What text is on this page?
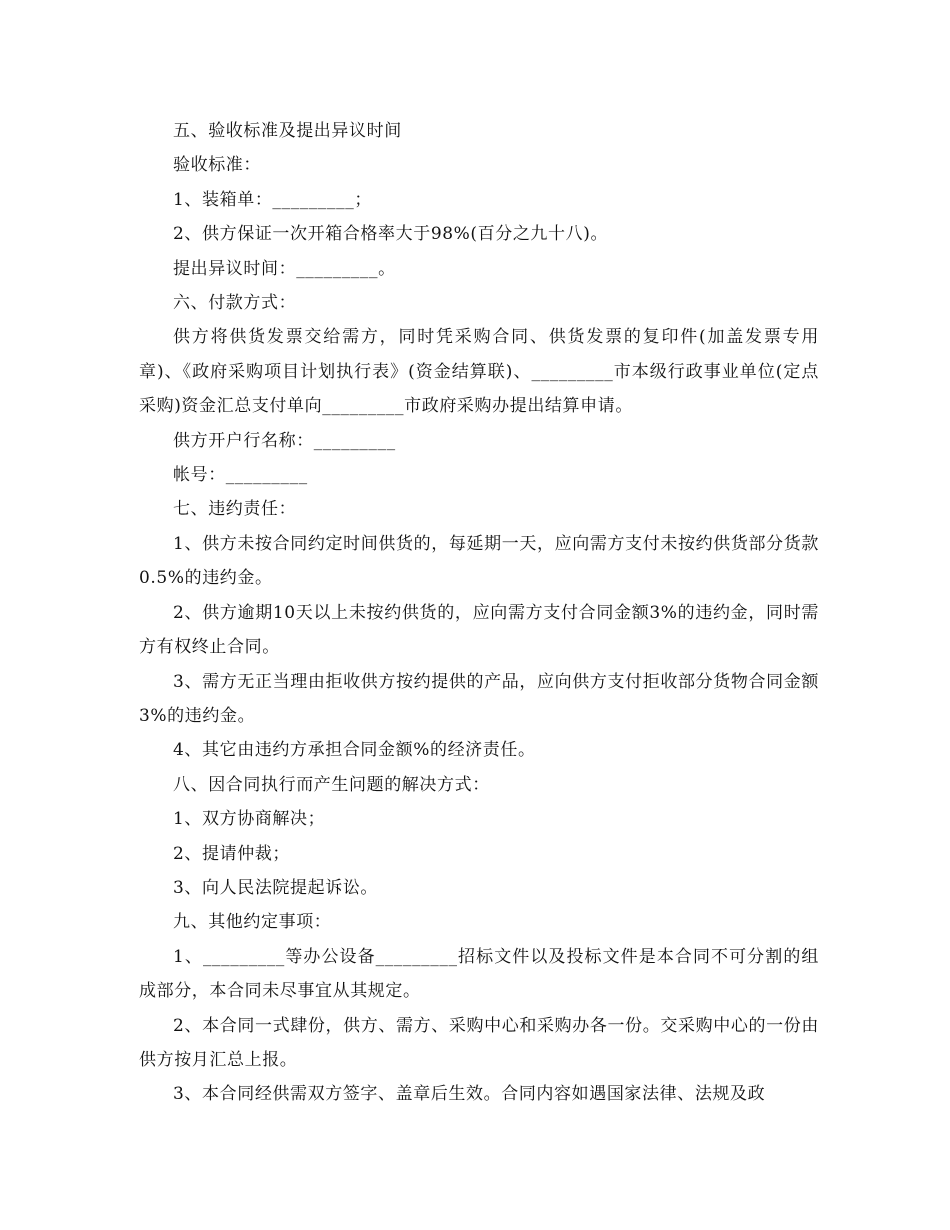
五、验收标准及提出异议时间

验收标准：

1、装箱单：_________；

2、供方保证一次开箱合格率大于98%(百分之九十八)。

提出异议时间：_________。

六、付款方式：

供方将供货发票交给需方，同时凭采购合同、供货发票的复印件(加盖发票专用章)、《政府采购项目计划执行表》(资金结算联)、_________市本级行政事业单位(定点采购)资金汇总支付单向_________市政府采购办提出结算申请。

供方开户行名称：_________

帐号：_________

七、违约责任：

1、供方未按合同约定时间供货的，每延期一天，应向需方支付未按约供货部分货款0.5%的违约金。

2、供方逾期10天以上未按约供货的，应向需方支付合同金额3%的违约金，同时需方有权终止合同。

3、需方无正当理由拒收供方按约提供的产品，应向供方支付拒收部分货物合同金额3%的违约金。

4、其它由违约方承担合同金额%的经济责任。

八、因合同执行而产生问题的解决方式：

1、双方协商解决；

2、提请仲裁；

3、向人民法院提起诉讼。

九、其他约定事项：

1、_________等办公设备_________招标文件以及投标文件是本合同不可分割的组成部分，本合同未尽事宜从其规定。

2、本合同一式肆份，供方、需方、采购中心和采购办各一份。交采购中心的一份由供方按月汇总上报。

3、本合同经供需双方签字、盖章后生效。合同内容如遇国家法律、法规及政
